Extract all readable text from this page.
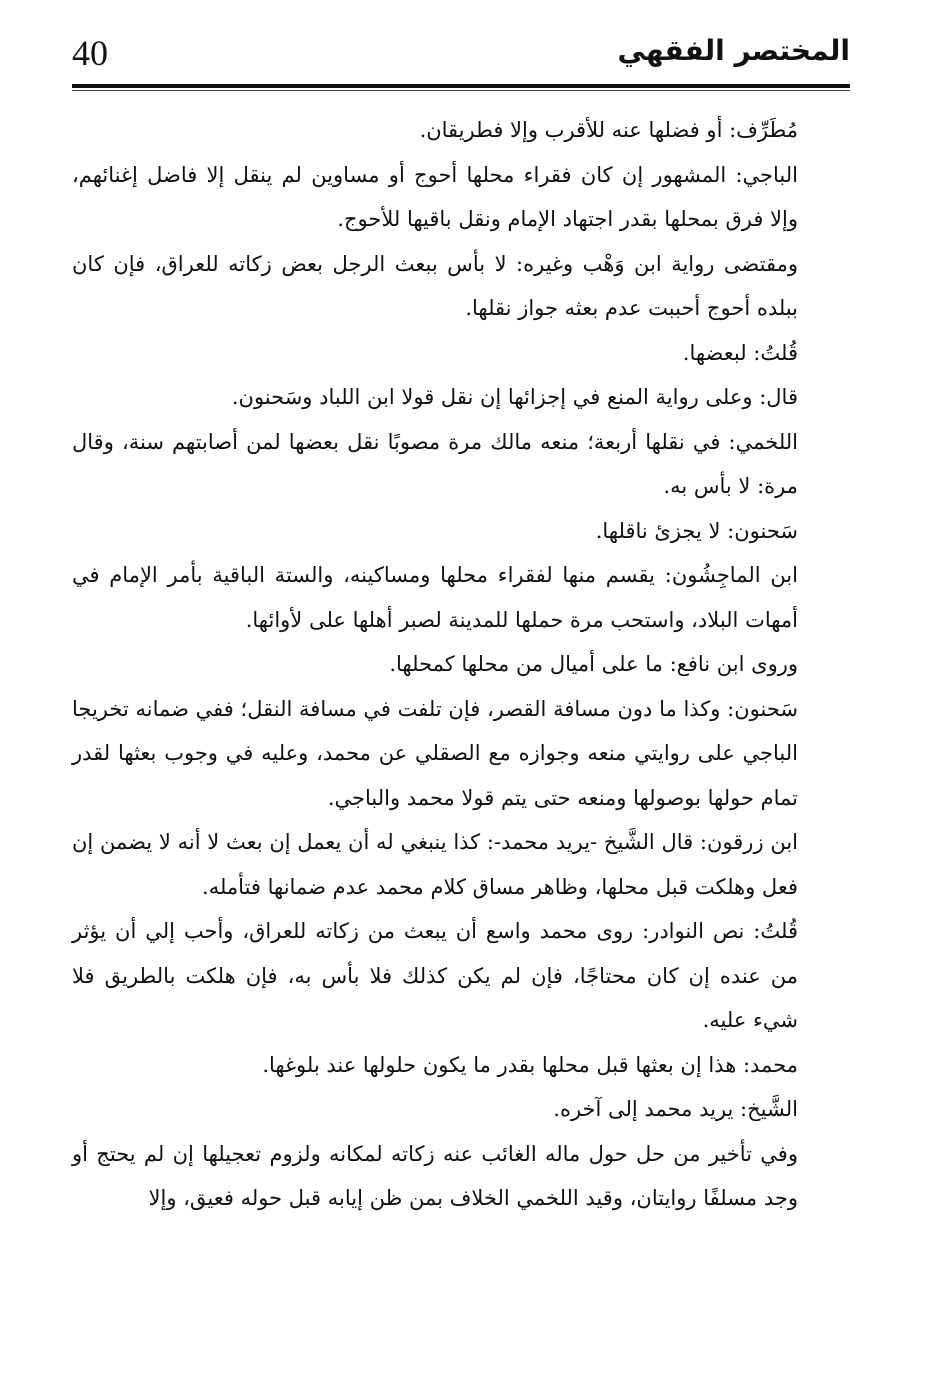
40	المختصر الفقهي

مُطَرِّف: أو فضلها عنه للأقرب وإلا فطريقان.

الباجي: المشهور إن كان فقراء محلها أحوج أو مساوين لم ينقل إلا فاضل إغنائهم، وإلا فرق بمحلها بقدر اجتهاد الإمام ونقل باقيها للأحوج.

ومقتضى رواية ابن وَهْب وغيره: لا بأس ببعث الرجل بعض زكاته للعراق، فإن كان ببلده أحوج أحببت عدم بعثه جواز نقلها.

قُلتُ: لبعضها.

قال: وعلى رواية المنع في إجزائها إن نقل قولا ابن اللباد وسَحنون.

اللخمي: في نقلها أربعة؛ منعه مالك مرة مصوبًا نقل بعضها لمن أصابتهم سنة، وقال مرة: لا بأس به.

سَحنون: لا يجزئ ناقلها.

ابن الماجِشُون: يقسم منها لفقراء محلها ومساكينه، والستة الباقية بأمر الإمام في أمهات البلاد، واستحب مرة حملها للمدينة لصبر أهلها على لأوائها.

وروى ابن نافع: ما على أميال من محلها كمحلها.

سَحنون: وكذا ما دون مسافة القصر، فإن تلفت في مسافة النقل؛ ففي ضمانه تخريجا الباجي على روايتي منعه وجوازه مع الصقلي عن محمد، وعليه في وجوب بعثها لقدر تمام حولها بوصولها ومنعه حتى يتم قولا محمد والباجي.

ابن زرقون: قال الشَّيخ -يريد محمد-: كذا ينبغي له أن يعمل إن بعث لا أنه لا يضمن إن فعل وهلكت قبل محلها، وظاهر مساق كلام محمد عدم ضمانها فتأمله.

قُلتُ: نص النوادر: روى محمد واسع أن يبعث من زكاته للعراق، وأحب إلي أن يؤثر من عنده إن كان محتاجًا، فإن لم يكن كذلك فلا بأس به، فإن هلكت بالطريق فلا شيء عليه.

محمد: هذا إن بعثها قبل محلها بقدر ما يكون حلولها عند بلوغها.

الشَّيخ: يريد محمد إلى آخره.

وفي تأخير من حل حول ماله الغائب عنه زكاته لمكانه ولزوم تعجيلها إن لم يحتج أو وجد مسلفًا روايتان، وقيد اللخمي الخلاف بمن ظن إيابه قبل حوله فعيق، وإلا
